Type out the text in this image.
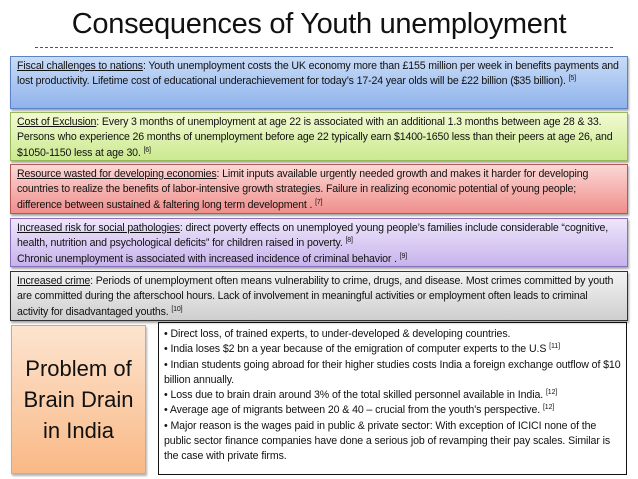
Consequences of Youth unemployment
Fiscal challenges to nations: Youth unemployment costs the UK economy more than £155 million per week in benefits payments and lost productivity. Lifetime cost of educational underachievement for today’s 17-24 year olds will be £22 billion ($35 billion). [5]
Cost of Exclusion: Every 3 months of unemployment at age 22 is associated with an additional 1.3 months between age 28 & 33. Persons who experience 26 months of unemployment before age 22 typically earn $1400-1650 less than their peers at age 26, and $1050-1150 less at age 30. [6]
Resource wasted for developing economies: Limit inputs available urgently needed growth and makes it harder for developing countries to realize the benefits of labor-intensive growth strategies. Failure in realizing economic potential of young people; difference between sustained & faltering long term development . [7]
Increased risk for social pathologies: direct poverty effects on unemployed young people’s families include considerable “cognitive, health, nutrition and psychological deficits” for children raised in poverty. [8]
Chronic unemployment is associated with increased incidence of criminal behavior . [9]
Increased crime: Periods of unemployment often means vulnerability to crime, drugs, and disease. Most crimes committed by youth are committed during the afterschool hours. Lack of involvement in meaningful activities or employment often leads to criminal activity for disadvantaged youths. [10]
Problem of Brain Drain in India
• Direct loss, of trained experts, to under-developed & developing countries.
• India loses $2 bn a year because of the emigration of computer experts to the U.S [11]
• Indian students going abroad for their higher studies costs India a foreign exchange outflow of $10 billion annually.
• Loss due to brain drain around 3% of the total skilled personnel available in India. [12]
• Average age of migrants between 20 & 40 – crucial from the youth's perspective. [12]
• Major reason is the wages paid in public & private sector: With exception of ICICI none of the public sector finance companies have done a serious job of revamping their pay scales. Similar is the case with private firms.
